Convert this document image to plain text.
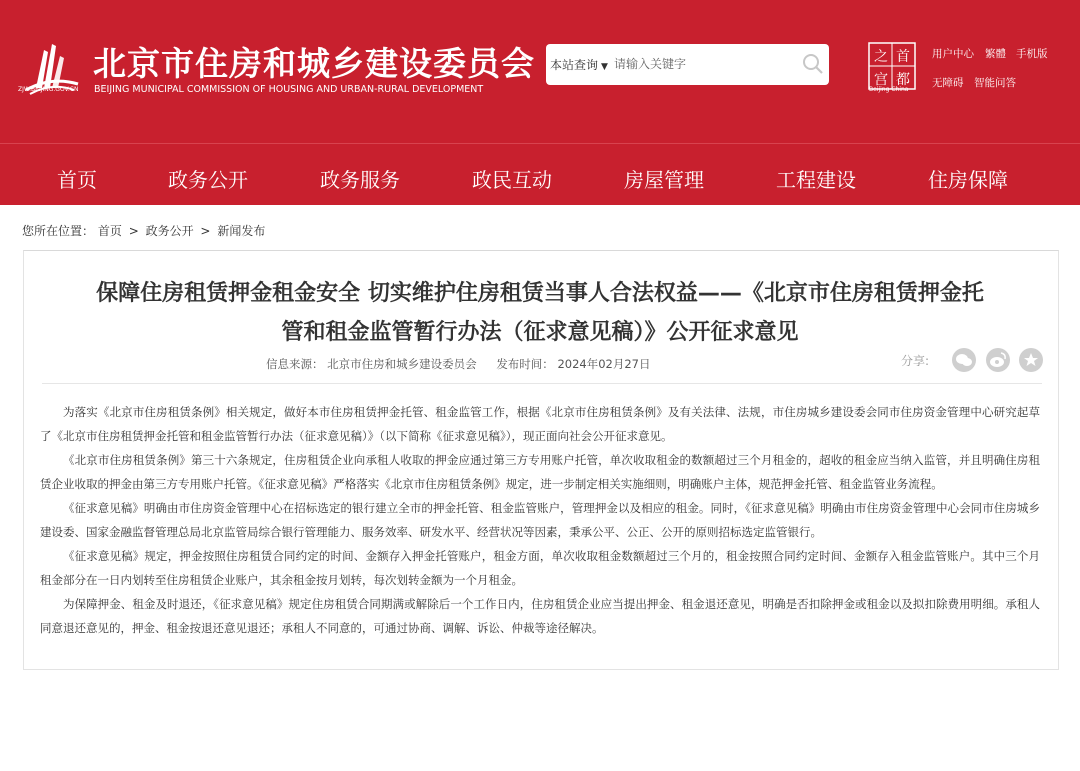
ZJW.BEIJING.GOV.CN
北京市住房和城乡建设委员会
BEIJING MUNICIPAL COMMISSION OF HOUSING AND URBAN-RURAL DEVELOPMENT
本站查询 ▼
请输入关键字
之 首
宫 都
Beijing·China
用户中心 繁體 手机版
无障碍 智能问答
首页	政务公开	政务服务	政民互动	房屋管理	工程建设	住房保障
您所在位置： 首页 > 政务公开 > 新闻发布
保障住房租赁押金租金安全 切实维护住房租赁当事人合法权益——《北京市住房租赁押金托
管和租金监管暂行办法（征求意见稿）》公开征求意见
信息来源： 北京市住房和城乡建设委员会 发布时间： 2024年02月27日	分享:

为落实《北京市住房租赁条例》相关规定，做好本市住房租赁押金托管、租金监管工作，根据《北京市住房租赁条例》及有关法律、法规，市住房城乡建设委会同市住房资金管理中心研究起草了《北京市住房租赁押金托管和租金监管暂行办法（征求意见稿）》（以下简称《征求意见稿》），现正面向社会公开征求意见。

《北京市住房租赁条例》第三十六条规定，住房租赁企业向承租人收取的押金应通过第三方专用账户托管，单次收取租金的数额超过三个月租金的，超收的租金应当纳入监管，并且明确住房租赁企业收取的押金由第三方专用账户托管。《征求意见稿》严格落实《北京市住房租赁条例》规定，进一步制定相关实施细则，明确账户主体，规范押金托管、租金监管业务流程。

《征求意见稿》明确由市住房资金管理中心在招标选定的银行建立全市的押金托管、租金监管账户，管理押金以及相应的租金。同时，《征求意见稿》明确由市住房资金管理中心会同市住房城乡建设委、国家金融监督管理总局北京监管局综合银行管理能力、服务效率、研发水平、经营状况等因素，秉承公平、公正、公开的原则招标选定监管银行。

《征求意见稿》规定，押金按照住房租赁合同约定的时间、金额存入押金托管账户，租金方面，单次收取租金数额超过三个月的，租金按照合同约定时间、金额存入租金监管账户。其中三个月租金部分在一日内划转至住房租赁企业账户，其余租金按月划转，每次划转金额为一个月租金。

为保障押金、租金及时退还，《征求意见稿》规定住房租赁合同期满或解除后一个工作日内，住房租赁企业应当提出押金、租金退还意见，明确是否扣除押金或租金以及拟扣除费用明细。承租人同意退还意见的，押金、租金按退还意见退还；承租人不同意的，可通过协商、调解、诉讼、仲裁等途径解决。
